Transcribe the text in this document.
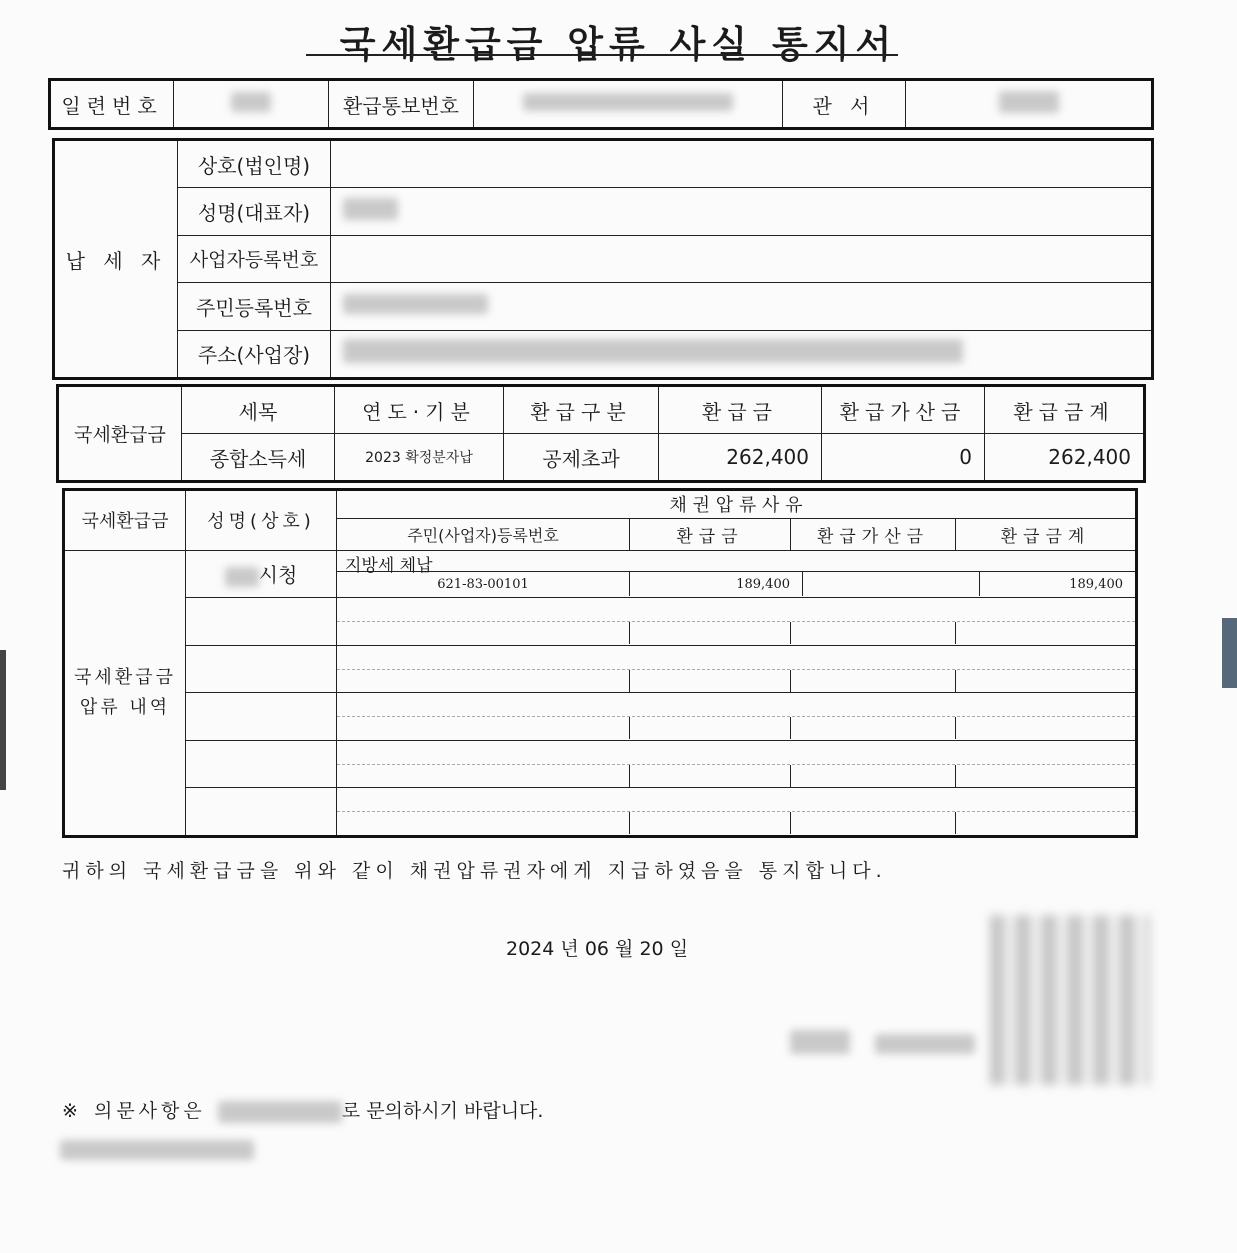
국세환급금 압류 사실 통지서
일련번호		환급통보번호		관 서	
납 세 자	상호(법인명)	
	성명(대표자)	
	사업자등록번호	
	주민등록번호	
	주소(사업장)	
국세환급금	세목	연도·기분	환급구분	환급금	환급가산금	환급금계
	종합소득세	2023 확정분자납	공제초과	262,400	0	262,400
국세환급금	성명(상호)	채 권 압 류 사 유
주민(사업자)등록번호	환급금	환급가산금	환급금계

국세환급금
압류 내역
	시청	지방세 체납
621-83-00101	189,400		189,400

귀하의 국세환급금을 위와 같이 채권압류권자에게 지급하였음을 통지합니다.
2024 년 06 월 20 일

※ 의문사항은	로 문의하시기 바랍니다.
